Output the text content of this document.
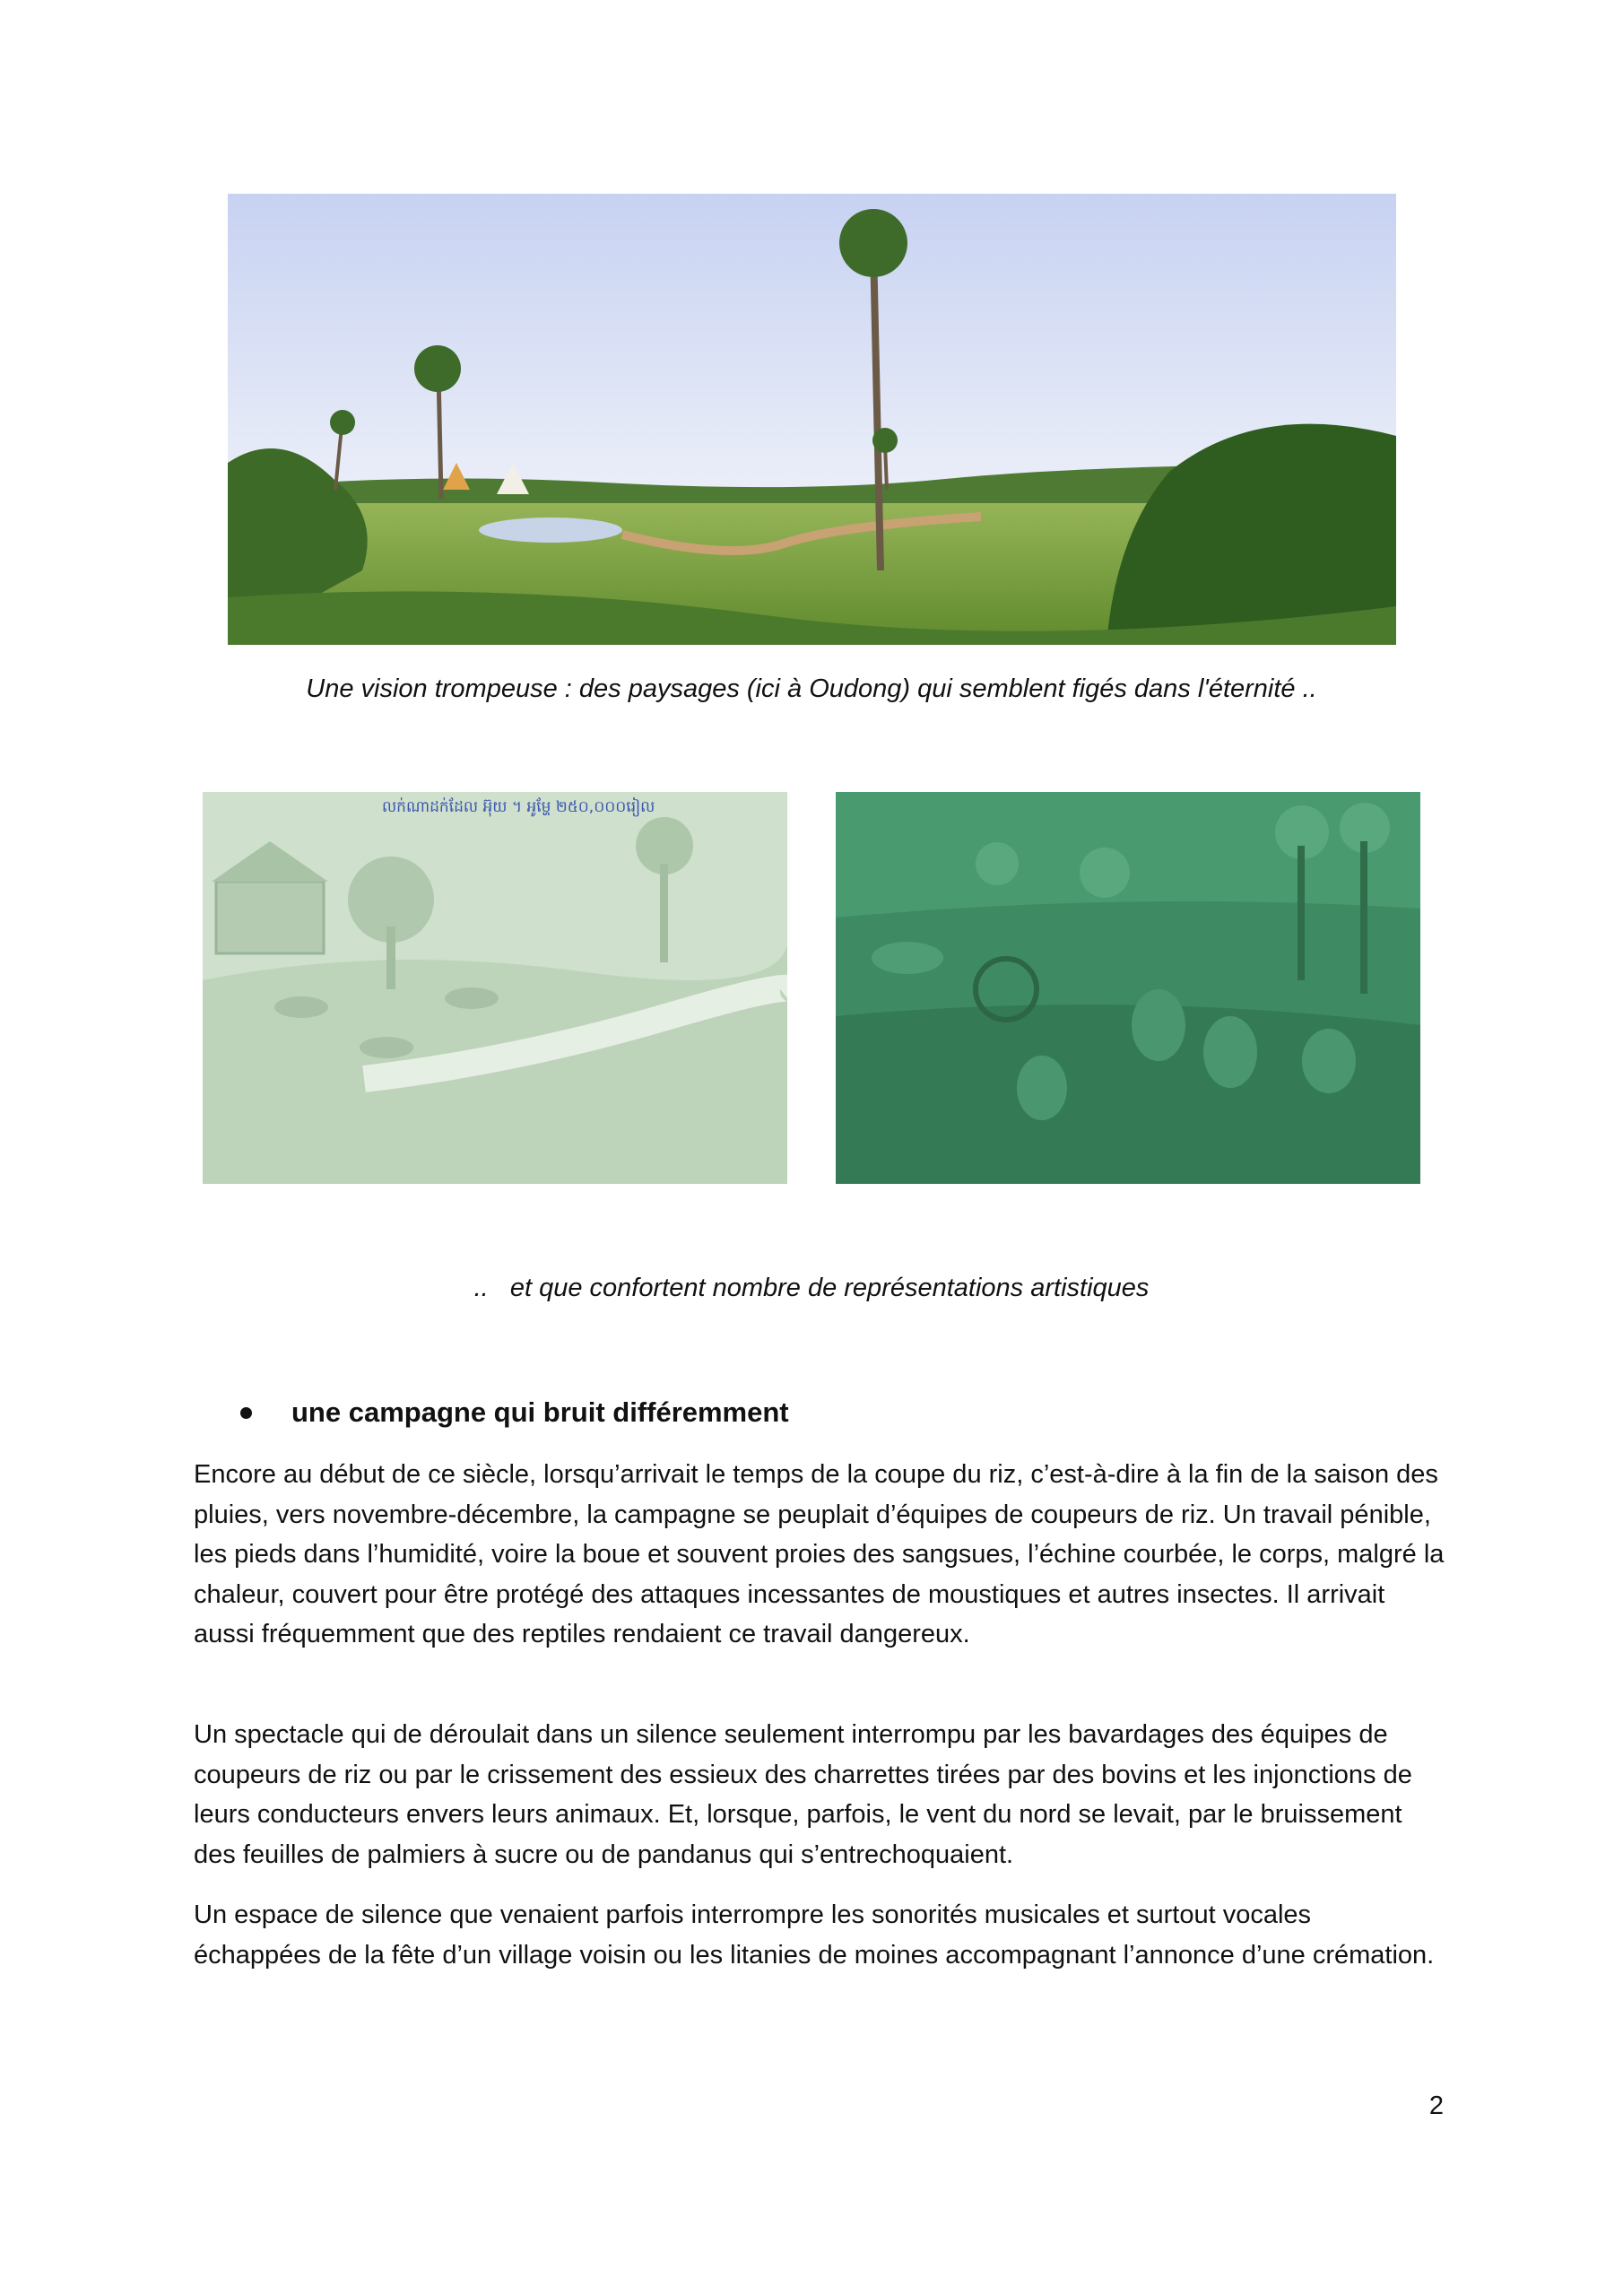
Une vision trompeuse : des paysages (ici à Oudong) qui semblent figés dans l'éternité ..
លក់ណាដក់ដែល អ៊ុយ ។ អូម្ហែ ២៥០,០០០រៀល
..   et que confortent nombre de représentations artistiques
une campagne qui bruit différemment

Encore au début de ce siècle, lorsqu’arrivait le temps de la coupe du riz, c’est-à-dire à la fin de la saison des pluies, vers novembre-décembre, la campagne se peuplait d’équipes de coupeurs de riz. Un travail pénible, les pieds dans l’humidité, voire la boue et souvent proies des sangsues, l’échine courbée, le corps, malgré la chaleur, couvert pour être protégé des attaques incessantes de moustiques et autres insectes. Il arrivait aussi fréquemment que des reptiles rendaient ce travail dangereux.

Un spectacle qui de déroulait dans un silence seulement interrompu par les bavardages des équipes de coupeurs de riz ou par le crissement des essieux des charrettes tirées par des bovins et les injonctions de leurs conducteurs envers leurs animaux. Et, lorsque, parfois, le vent du nord se levait, par le bruissement des feuilles de palmiers à sucre ou de pandanus qui s’entrechoquaient.

Un espace de silence que venaient parfois interrompre les sonorités musicales et surtout vocales échappées de la fête d’un village voisin ou les litanies de moines accompagnant l’annonce d’une crémation.

2
